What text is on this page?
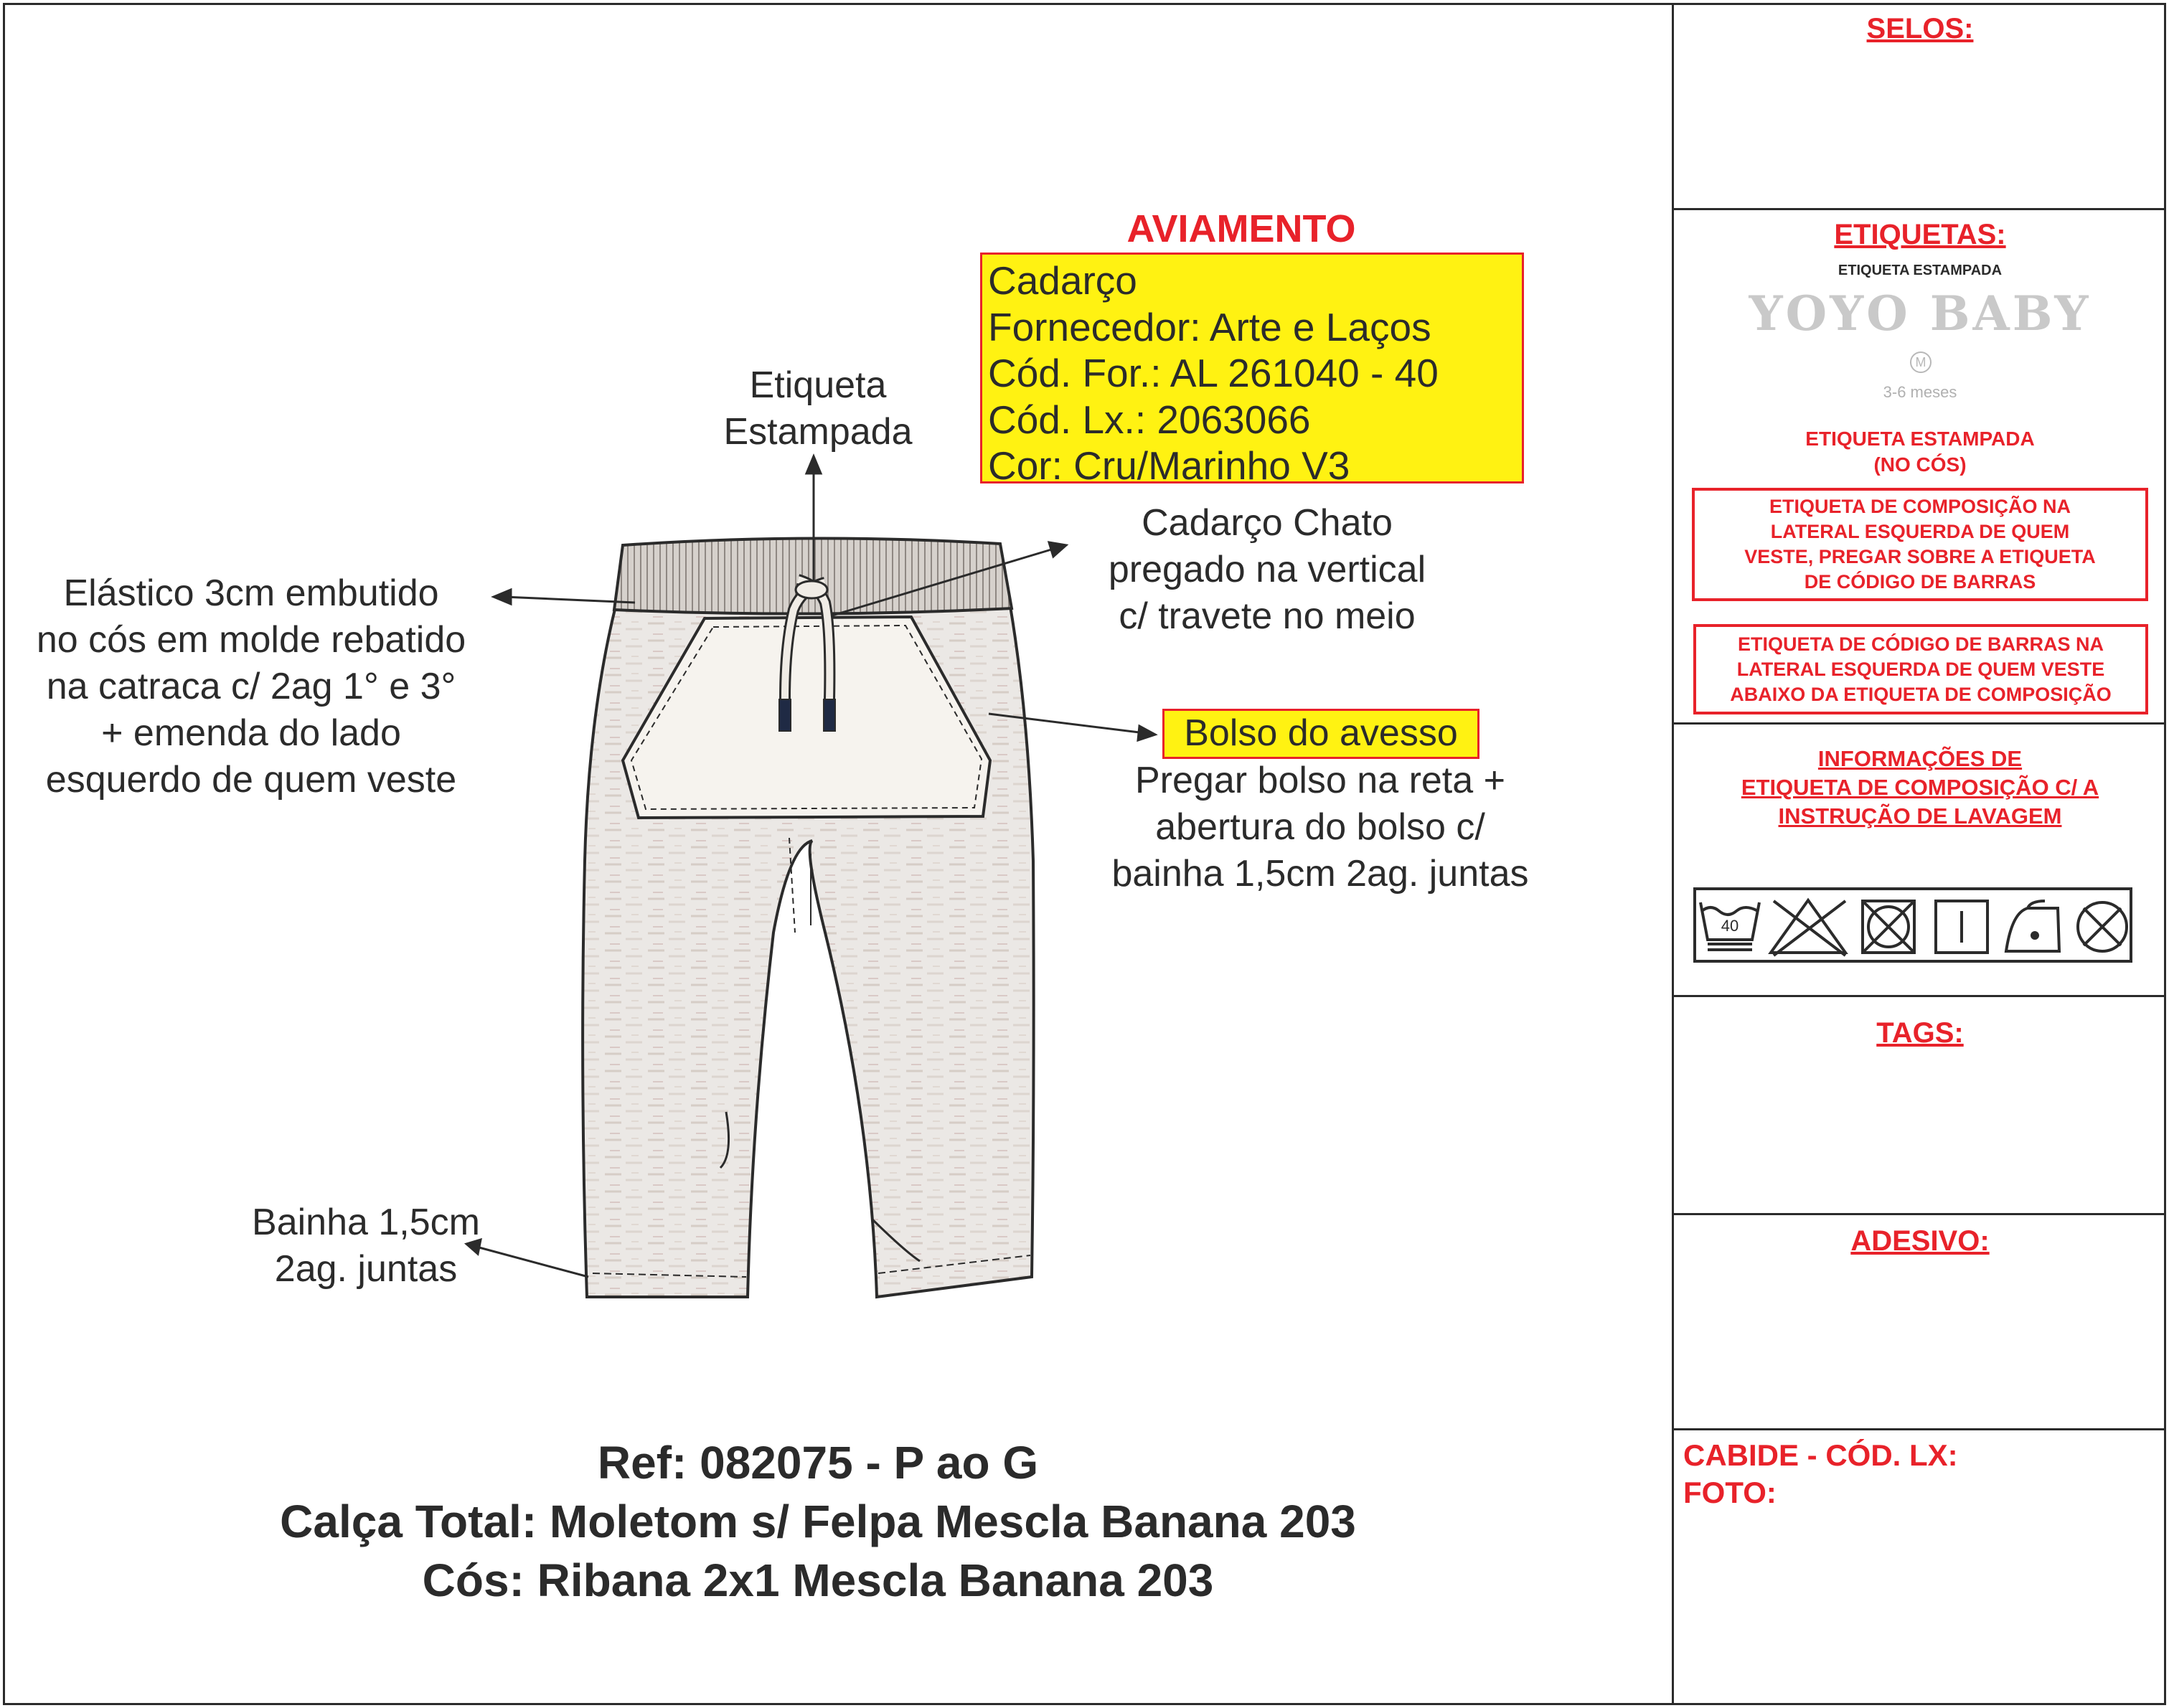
AVIAMENTO
Cadarço
Fornecedor: Arte e Laços
Cód. For.: AL 261040 - 40
Cód. Lx.: 2063066
Cor: Cru/Marinho V3
Etiqueta
Estampada
Cadarço Chato
pregado na vertical
c/ travete no meio
Elástico 3cm embutido
no cós em molde rebatido
na catraca c/ 2ag 1° e 3°
+ emenda do lado
esquerdo de quem veste
Bolso do avesso
Pregar bolso na reta +
abertura do bolso c/
bainha 1,5cm 2ag. juntas
Bainha 1,5cm
2ag. juntas
Ref: 082075 - P ao G
Calça Total: Moletom s/ Felpa Mescla Banana 203
Cós: Ribana 2x1 Mescla Banana 203
SELOS:
ETIQUETAS:
ETIQUETA ESTAMPADA
YOYO BABY
M
3-6 meses
ETIQUETA ESTAMPADA
(NO CÓS)
ETIQUETA DE COMPOSIÇÃO NA
LATERAL ESQUERDA DE QUEM
VESTE, PREGAR SOBRE A ETIQUETA
DE CÓDIGO DE BARRAS
ETIQUETA DE CÓDIGO DE BARRAS NA
LATERAL ESQUERDA DE QUEM VESTE
ABAIXO DA ETIQUETA DE COMPOSIÇÃO
INFORMAÇÕES DE
ETIQUETA DE COMPOSIÇÃO C/ A
INSTRUÇÃO DE LAVAGEM
40
TAGS:
ADESIVO:
CABIDE - CÓD. LX:
FOTO:
